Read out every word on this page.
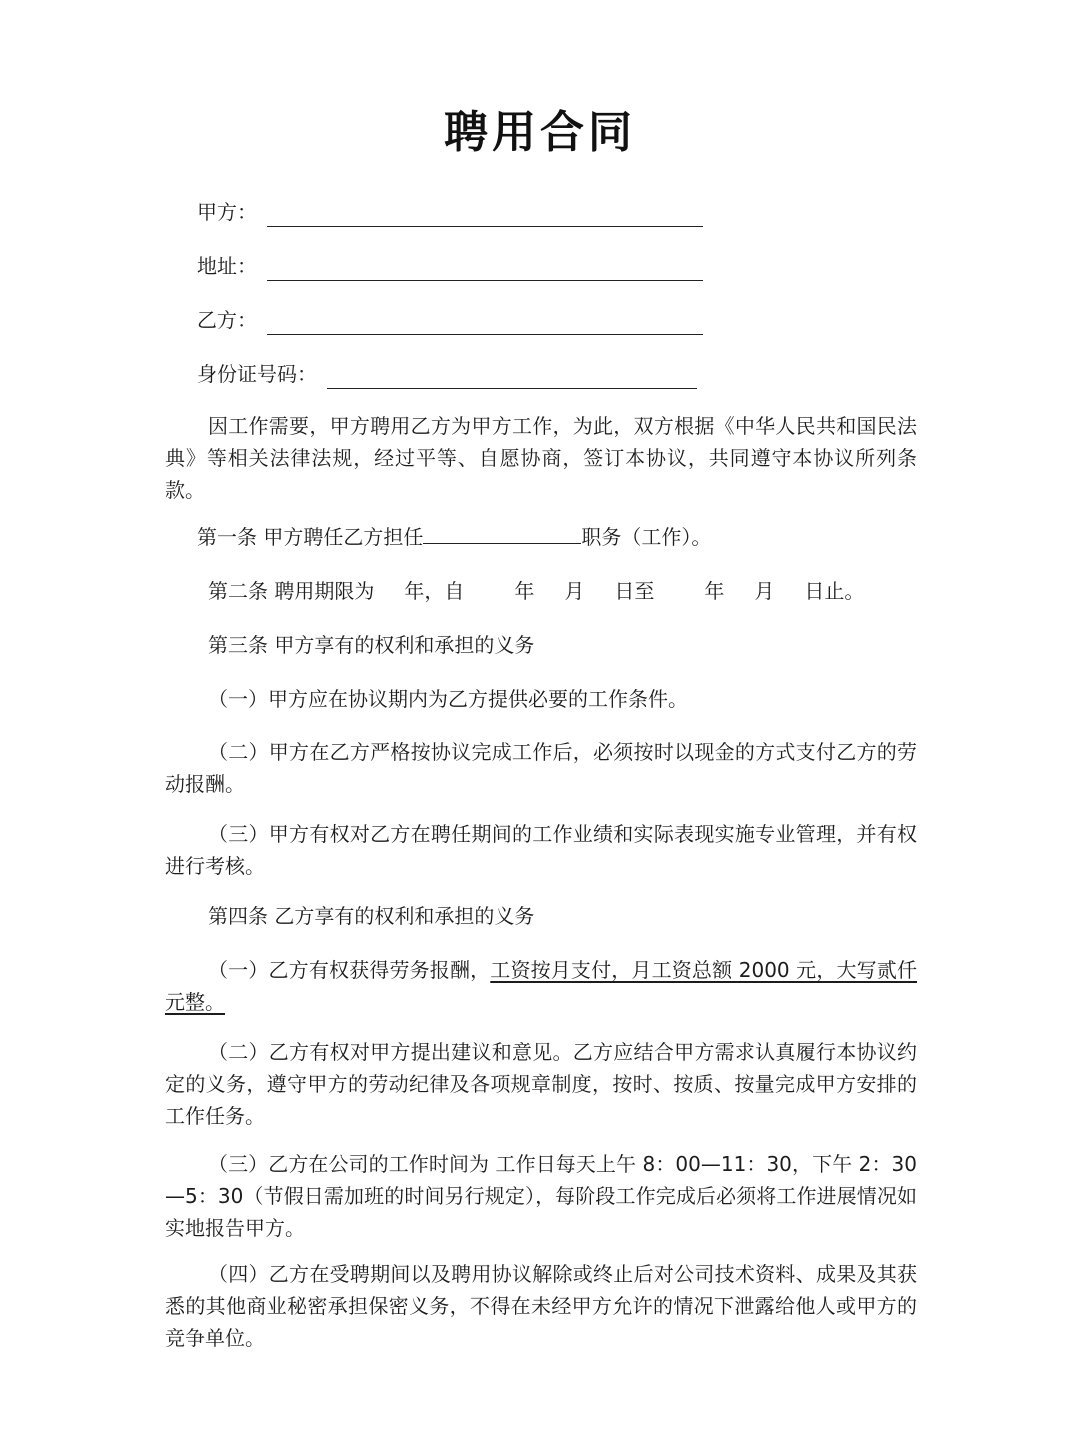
聘用合同
甲方：
地址：
乙方：
身份证号码：
因工作需要，甲方聘用乙方为甲方工作，为此，双方根据《中华人民共和国民法典》等相关法律法规，经过平等、自愿协商，签订本协议，共同遵守本协议所列条款。
第一条 甲方聘任乙方担任	职务（工作）。
第二条 聘用期限为 年，自	年 月 日至	年 月 日止。
第三条 甲方享有的权利和承担的义务
（一）甲方应在协议期内为乙方提供必要的工作条件。
（二）甲方在乙方严格按协议完成工作后，必须按时以现金的方式支付乙方的劳动报酬。
（三）甲方有权对乙方在聘任期间的工作业绩和实际表现实施专业管理，并有权进行考核。
第四条 乙方享有的权利和承担的义务
（一）乙方有权获得劳务报酬，工资按月支付，月工资总额 2000 元，大写贰仟元整。
（二）乙方有权对甲方提出建议和意见。乙方应结合甲方需求认真履行本协议约定的义务，遵守甲方的劳动纪律及各项规章制度，按时、按质、按量完成甲方安排的工作任务。
（三）乙方在公司的工作时间为 工作日每天上午 8：00—11：30，下午 2：30—5：30（节假日需加班的时间另行规定），每阶段工作完成后必须将工作进展情况如实地报告甲方。
（四）乙方在受聘期间以及聘用协议解除或终止后对公司技术资料、成果及其获悉的其他商业秘密承担保密义务，不得在未经甲方允许的情况下泄露给他人或甲方的竞争单位。
